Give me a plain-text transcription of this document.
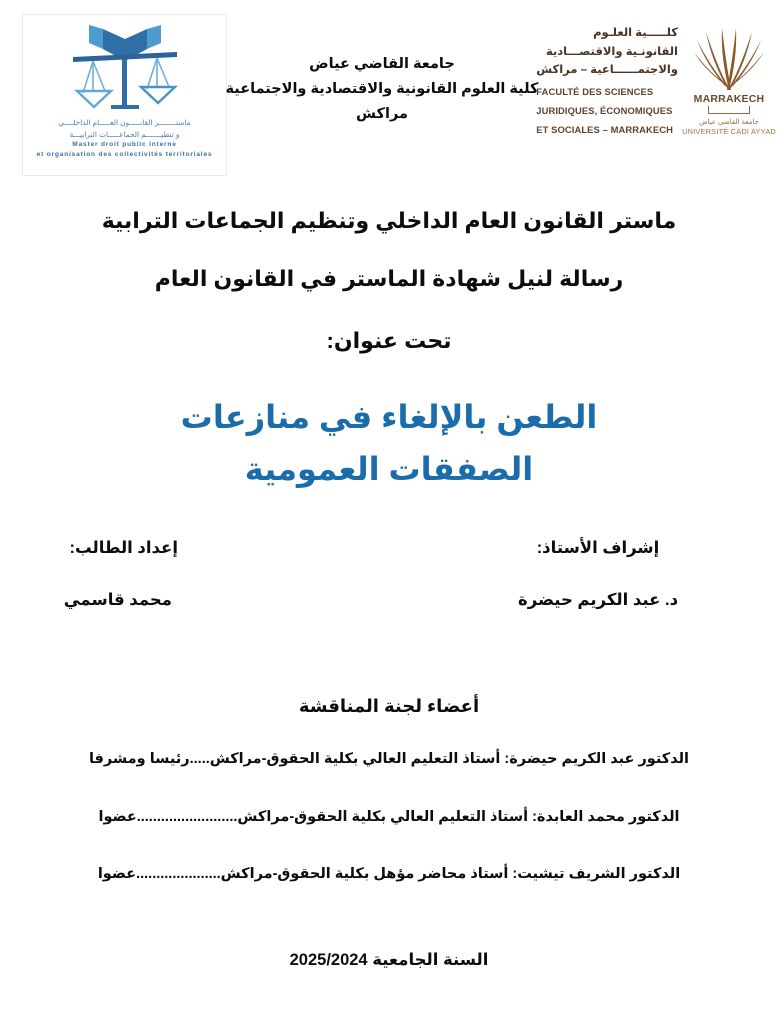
ماستــــــــر القانـــــون العـــــام الداخلــــي
و تنظيـــــــم الجماعـــــات الترابيـــة
Master droit public interne
et organisation des collectivités territoriales
جامعة القاضي عياض
كلية العلوم القانونية والاقتصادية والاجتماعية
مراكش
MARRAKECH
جامعة القاضي عياض
UNIVERSITÉ CADI AYYAD
كلـــــية العلـوم
القانونـية والاقتصـــادية
والاجتمــــــاعية – مراكش
FACULTÉ DES SCIENCES
JURIDIQUES, ÉCONOMIQUES
ET SOCIALES – MARRAKECH
ماستر القانون العام الداخلي وتنظيم الجماعات الترابية
رسالة لنيل شهادة الماستر في القانون العام
تحت عنوان:
الطعن بالإلغاء في منازعات
الصفقات العمومية
إعداد الطالب:
محمد قاسمي
إشراف الأستاذ:
د. عبد الكريم حيضرة
أعضاء لجنة المناقشة
الدكتور عبد الكريم حيضرة: أستاذ التعليم العالي بكلية الحقوق-مراكش.....رئيسا ومشرفا
الدكتور محمد العابدة: أستاذ التعليم العالي بكلية الحقوق-مراكش.........................عضوا
الدكتور الشريف تيشيت: أستاذ محاضر مؤهل بكلية الحقوق-مراكش.....................عضوا
السنة الجامعية 2025/2024
